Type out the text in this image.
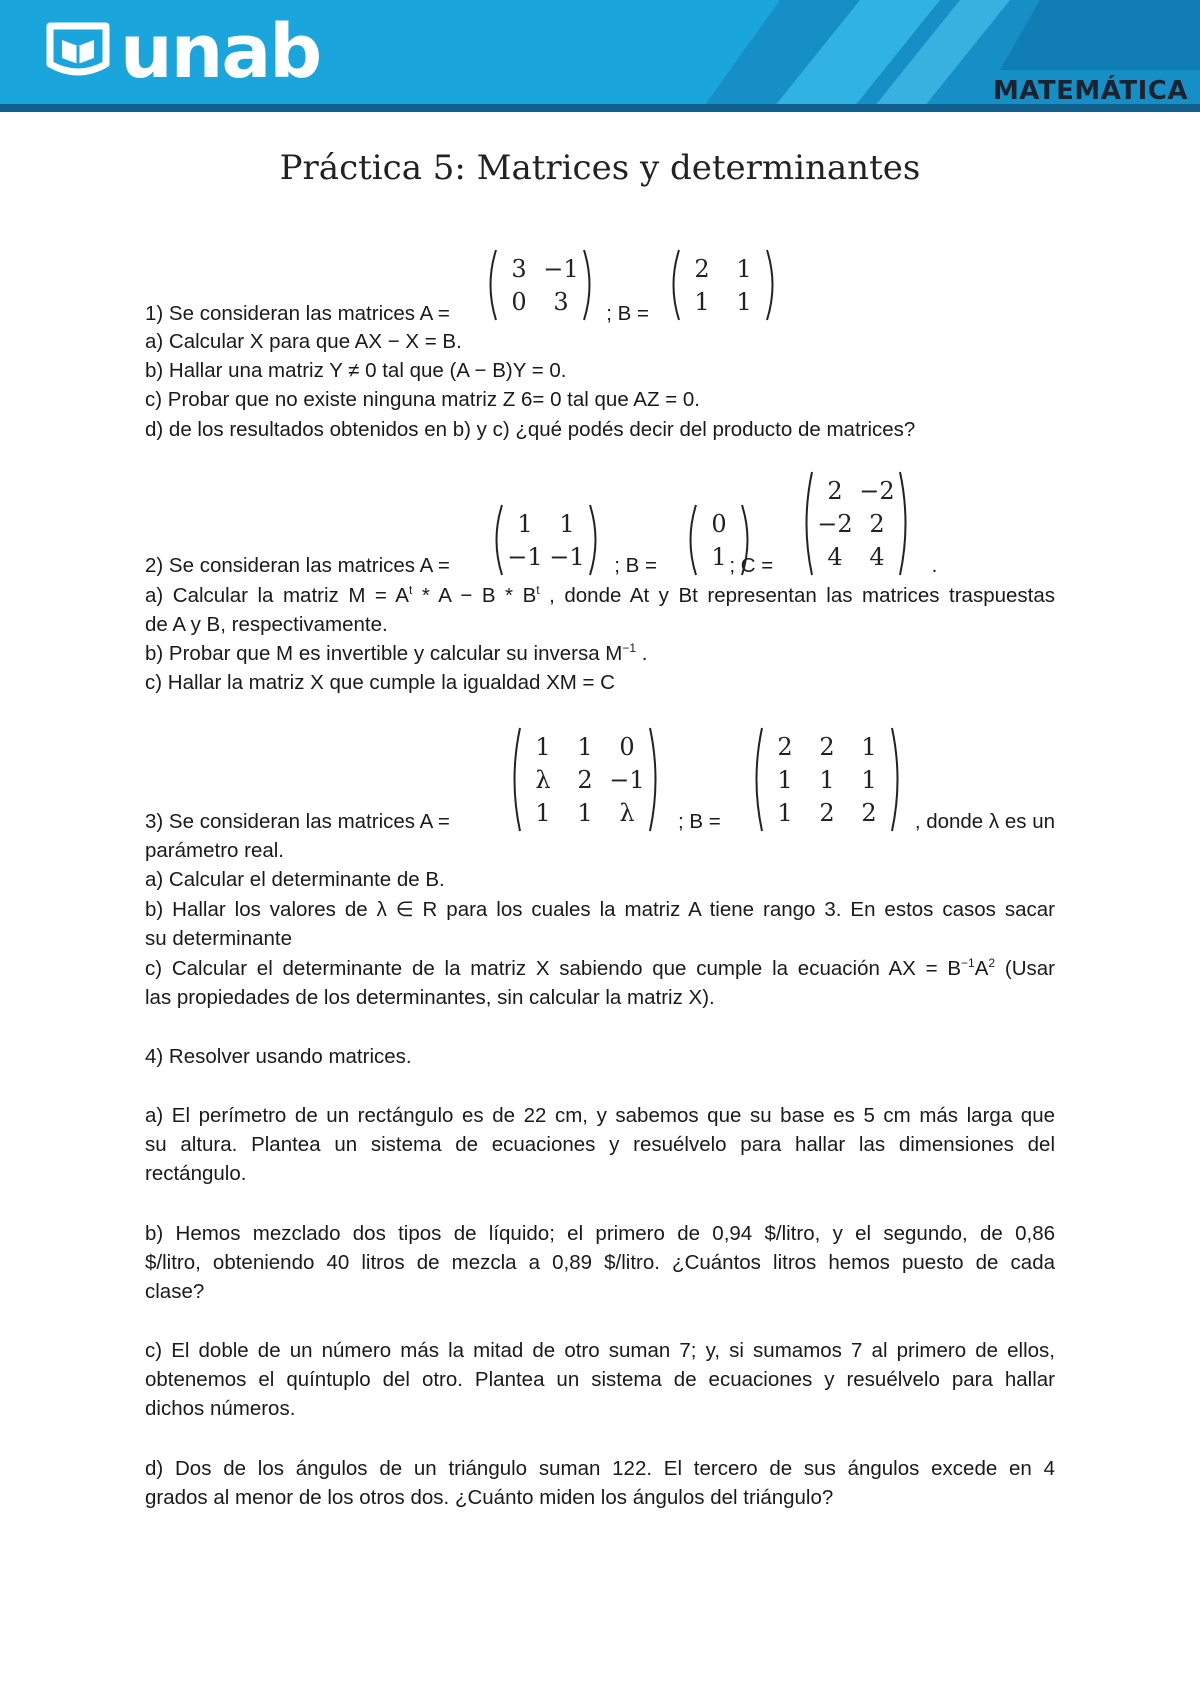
unab	MATEMÁTICA
Práctica 5: Matrices y determinantes
1) Se consideran las matrices A =	; B =
3	−1
0	3
2	1
1	1
a) Calcular X para que AX − X = B.
b) Hallar una matriz Y ≠ 0 tal que (A − B)Y = 0.
c) Probar que no existe ninguna matriz Z 6= 0 tal que AZ = 0.
d) de los resultados obtenidos en b) y c) ¿qué podés decir del producto de matrices?
2) Se consideran las matrices A =	; B =	; C =	.
1	1
−1	−1
0
1
2	−2
−2	2
4	4
a) Calcular la matriz $M = A^t * A - B * B^t$ , donde At y Bt representan las matrices traspuestas
de A y B, respectivamente.
b) Probar que M es invertible y calcular su inversa $M^{-1}$ .
c) Hallar la matriz X que cumple la igualdad XM = C
3) Se consideran las matrices A =	; B =	, donde λ es un
1	1	0
λ	2	−1
1	1	λ
2	2	1
1	1	1
1	2	2
parámetro real.
a) Calcular el determinante de B.
b) Hallar los valores de λ ∈ R para los cuales la matriz A tiene rango 3. En estos casos sacar
su determinante
c) Calcular el determinante de la matriz X sabiendo que cumple la ecuación AX = $B^{-1}A^2$ (Usar
las propiedades de los determinantes, sin calcular la matriz X).
4) Resolver usando matrices.
a) El perímetro de un rectángulo es de 22 cm, y sabemos que su base es 5 cm más larga que
su altura. Plantea un sistema de ecuaciones y resuélvelo para hallar las dimensiones del
rectángulo.
b) Hemos mezclado dos tipos de líquido; el primero de 0,94 $/litro, y el segundo, de 0,86
$/litro, obteniendo 40 litros de mezcla a 0,89 $/litro. ¿Cuántos litros hemos puesto de cada
clase?
c) El doble de un número más la mitad de otro suman 7; y, si sumamos 7 al primero de ellos,
obtenemos el quíntuplo del otro. Plantea un sistema de ecuaciones y resuélvelo para hallar
dichos números.
d) Dos de los ángulos de un triángulo suman 122. El tercero de sus ángulos excede en 4
grados al menor de los otros dos. ¿Cuánto miden los ángulos del triángulo?
